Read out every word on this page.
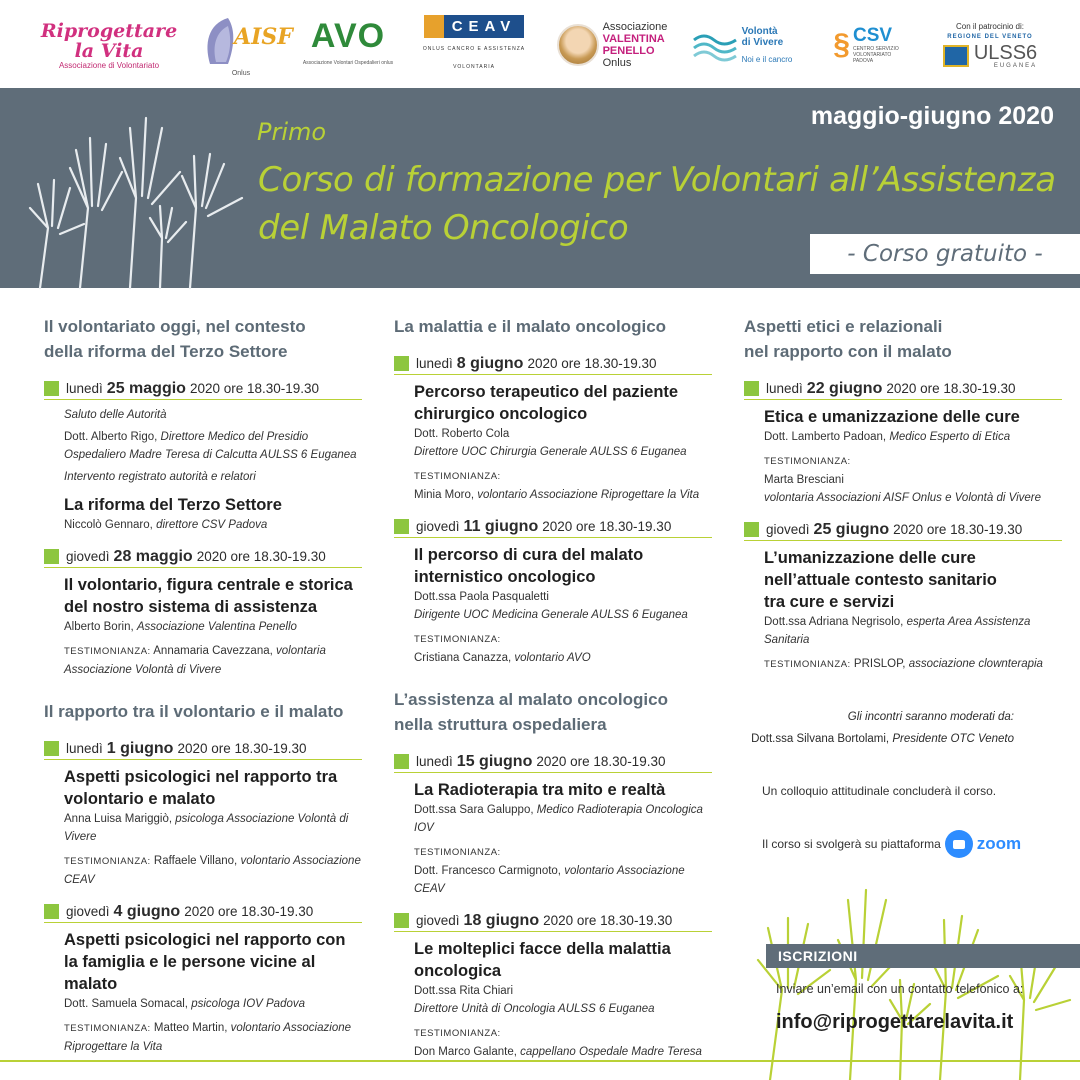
Riprogettare
la Vita
Associazione di Volontariato
AISF
Onlus
AVO
Associazione Volontari Ospedalieri onlus
CEAV
ONLUS CANCRO E ASSISTENZA VOLONTARIA
Associazione
VALENTINA
PENELLO
Onlus
Volontà
di Vivere
Noi e il cancro § CSV
CENTRO SERVIZIO
VOLONTARIATO
PADOVA
Con il patrocinio di:
REGIONE DEL VENETO
ULSS6
EUGANEA
Primo
Corso di formazione per Volontari all’Assistenza
del Malato Oncologico
maggio-giugno 2020
- Corso gratuito -
Il volontariato oggi, nel contesto
della riforma del Terzo Settore
lunedì 25 maggio 2020 ore 18.30-19.30
Saluto delle Autorità
Dott. Alberto Rigo, Direttore Medico del Presidio Ospedaliero Madre Teresa di Calcutta AULSS 6 Euganea
Intervento registrato autorità e relatori
La riforma del Terzo Settore
Niccolò Gennaro, direttore CSV Padova
giovedì 28 maggio 2020 ore 18.30-19.30
Il volontario, figura centrale e storica del nostro sistema di assistenza
Alberto Borin, Associazione Valentina Penello
TESTIMONIANZA: Annamaria Cavezzana, volontaria Associazione Volontà di Vivere
Il rapporto tra il volontario e il malato
lunedì 1 giugno 2020 ore 18.30-19.30
Aspetti psicologici nel rapporto tra volontario e malato
Anna Luisa Mariggiò, psicologa Associazione Volontà di Vivere
TESTIMONIANZA: Raffaele Villano, volontario Associazione CEAV
giovedì 4 giugno 2020 ore 18.30-19.30
Aspetti psicologici nel rapporto con la famiglia e le persone vicine al malato
Dott. Samuela Somacal, psicologa IOV Padova
TESTIMONIANZA: Matteo Martin, volontario Associazione Riprogettare la Vita
La malattia e il malato oncologico
lunedì 8 giugno 2020 ore 18.30-19.30
Percorso terapeutico del paziente chirurgico oncologico
Dott. Roberto Cola
Direttore UOC Chirurgia Generale AULSS 6 Euganea
TESTIMONIANZA:
Minia Moro, volontario Associazione Riprogettare la Vita
giovedì 11 giugno 2020 ore 18.30-19.30
Il percorso di cura del malato internistico oncologico
Dott.ssa Paola Pasqualetti
Dirigente UOC Medicina Generale AULSS 6 Euganea
TESTIMONIANZA:
Cristiana Canazza, volontario AVO
L’assistenza al malato oncologico
nella struttura ospedaliera
lunedì 15 giugno 2020 ore 18.30-19.30
La Radioterapia tra mito e realtà
Dott.ssa Sara Galuppo, Medico Radioterapia Oncologica IOV
TESTIMONIANZA:
Dott. Francesco Carmignoto, volontario Associazione CEAV
giovedì 18 giugno 2020 ore 18.30-19.30
Le molteplici facce della malattia oncologica
Dott.ssa Rita Chiari
Direttore Unità di Oncologia AULSS 6 Euganea
TESTIMONIANZA:
Don Marco Galante, cappellano Ospedale Madre Teresa
Aspetti etici e relazionali
nel rapporto con il malato
lunedì 22 giugno 2020 ore 18.30-19.30
Etica e umanizzazione delle cure
Dott. Lamberto Padoan, Medico Esperto di Etica
TESTIMONIANZA:
Marta Bresciani
volontaria Associazioni AISF Onlus e Volontà di Vivere
giovedì 25 giugno 2020 ore 18.30-19.30
L’umanizzazione delle cure
nell’attuale contesto sanitario
tra cure e servizi
Dott.ssa Adriana Negrisolo, esperta Area Assistenza Sanitaria
TESTIMONIANZA: PRISLOP, associazione clownterapia
Gli incontri saranno moderati da:
Dott.ssa Silvana Bortolami, Presidente OTC Veneto
Un colloquio attitudinale concluderà il corso.
Il corso si svolgerà su piattaforma zoom
ISCRIZIONI
Inviare un’email con un contatto telefonico a:
info@riprogettarelavita.it
